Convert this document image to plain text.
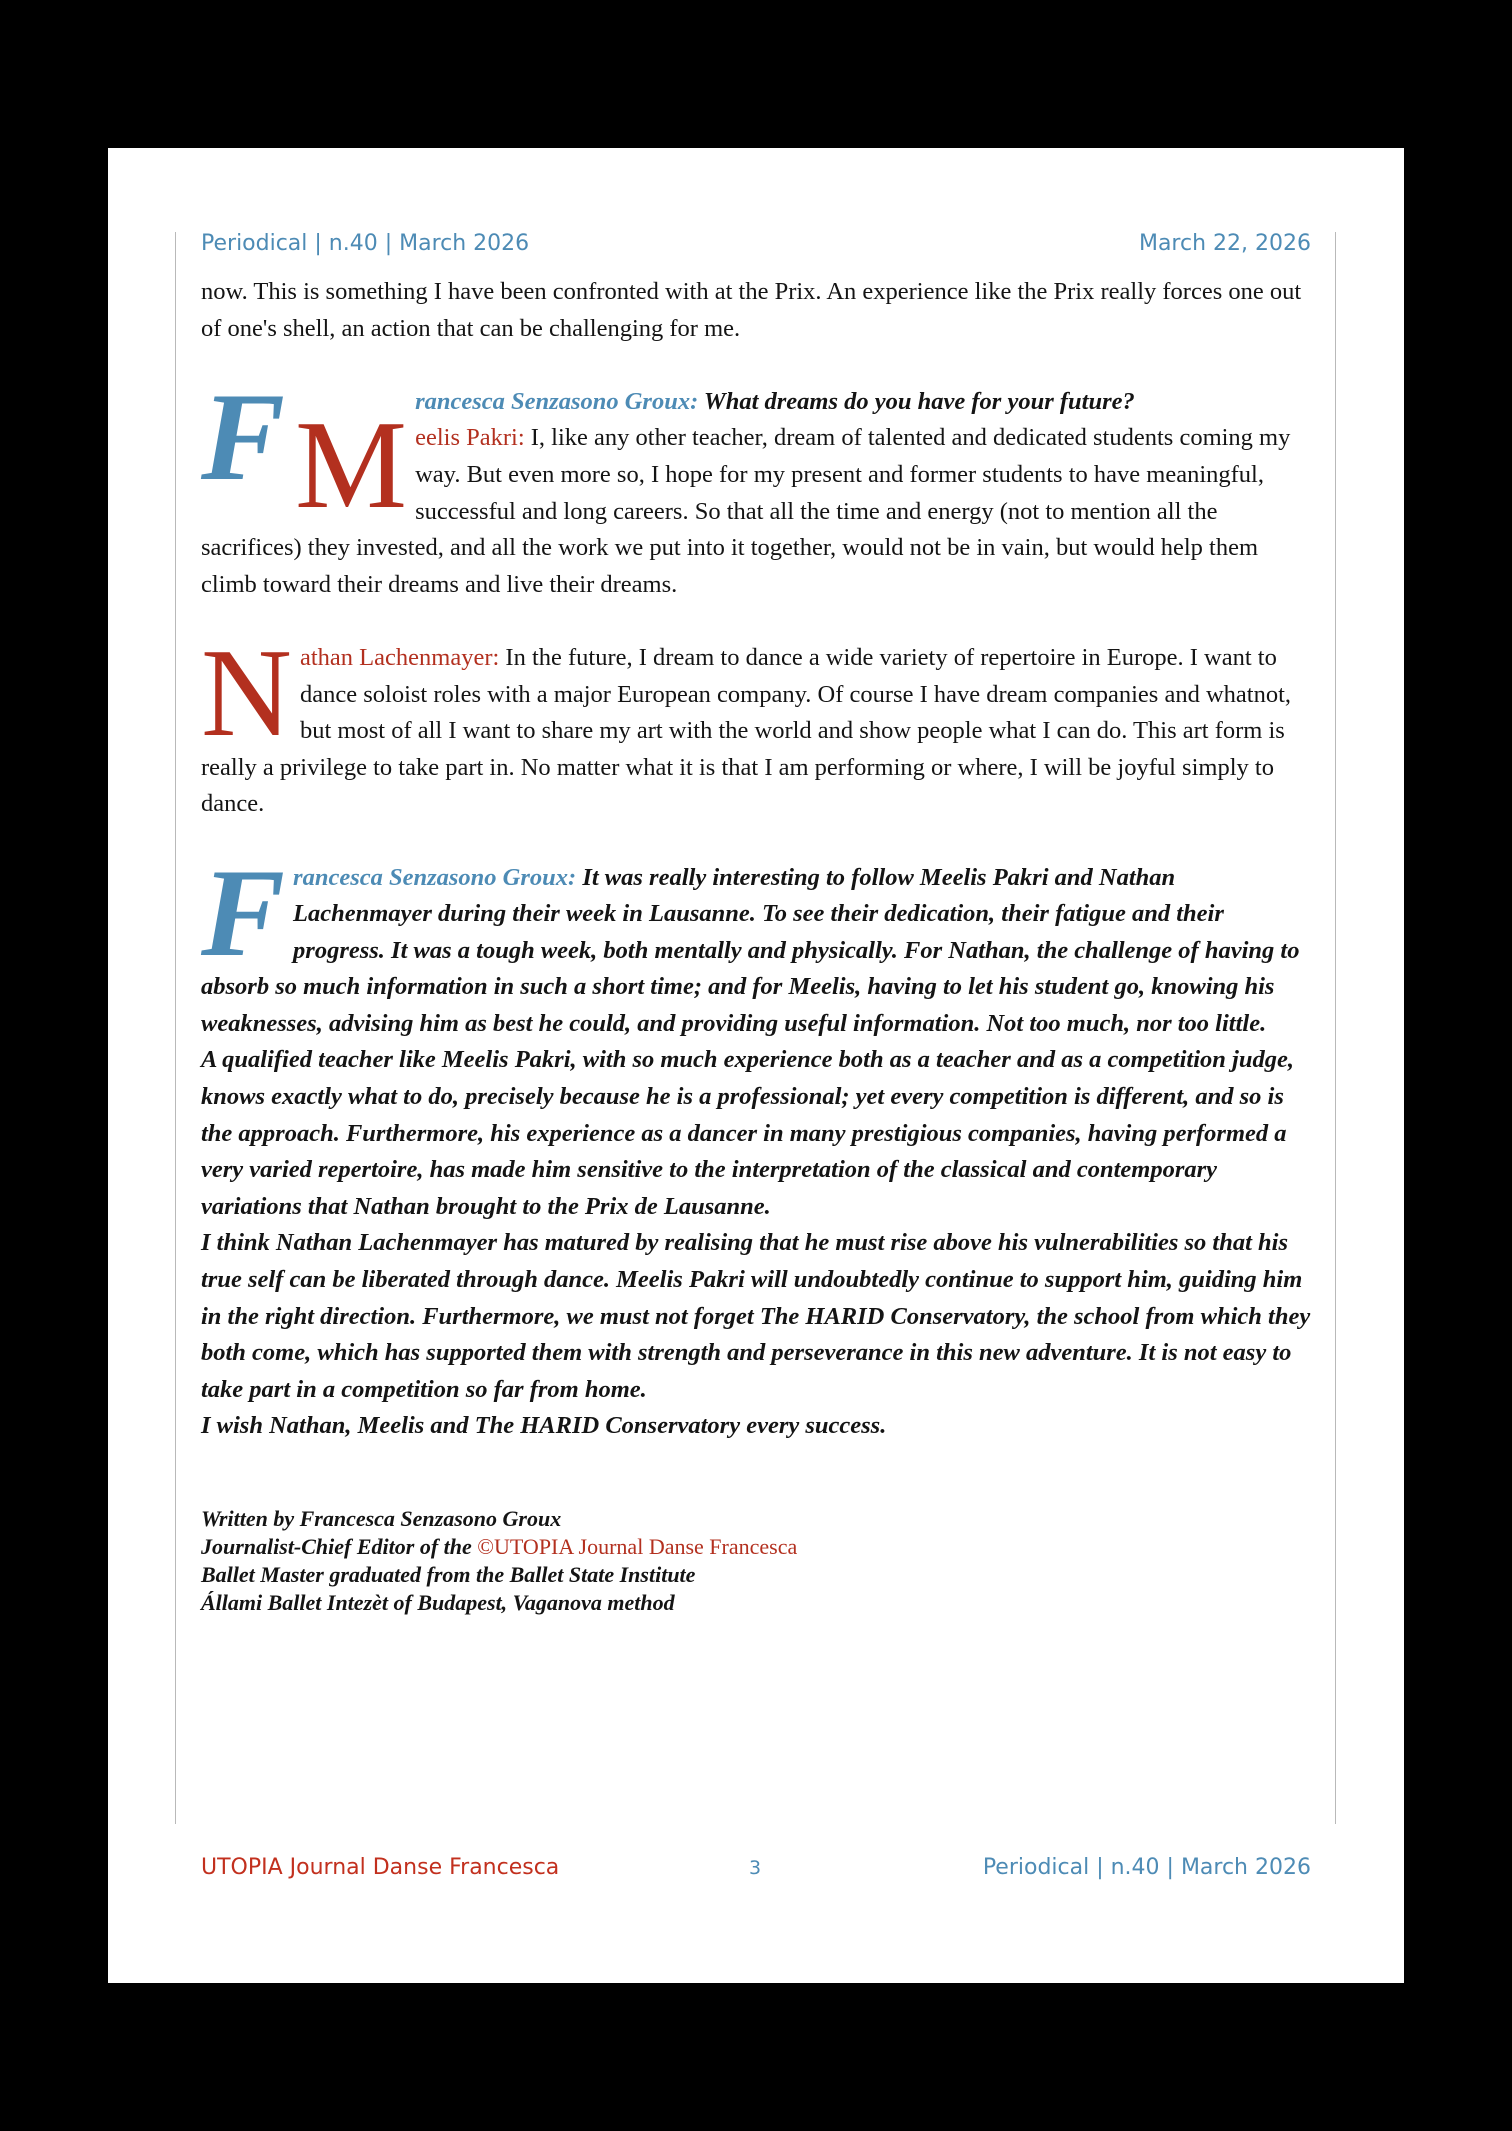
Periodical | n.40 | March 2026	March 22, 2026

now. This is something I have been confronted with at the Prix. An experience like the Prix really forces one out of one's shell, an action that can be challenging for me.

F M rancesca Senzasono Groux: What dreams do you have for your future?
eelis Pakri: I, like any other teacher, dream of talented and dedicated students coming my way. But even more so, I hope for my present and former students to have meaningful, successful and long careers. So that all the time and energy (not to mention all the sacrifices) they invested, and all the work we put into it together, would not be in vain, but would help them climb toward their dreams and live their dreams.
N athan Lachenmayer: In the future, I dream to dance a wide variety of repertoire in Europe. I want to dance soloist roles with a major European company. Of course I have dream companies and whatnot, but most of all I want to share my art with the world and show people what I can do. This art form is really a privilege to take part in. No matter what it is that I am performing or where, I will be joyful simply to dance.
F rancesca Senzasono Groux: It was really interesting to follow Meelis Pakri and Nathan Lachenmayer during their week in Lausanne. To see their dedication, their fatigue and their progress. It was a tough week, both mentally and physically. For Nathan, the challenge of having to absorb so much information in such a short time; and for Meelis, having to let his student go, knowing his weaknesses, advising him as best he could, and providing useful information. Not too much, nor too little.

A qualified teacher like Meelis Pakri, with so much experience both as a teacher and as a competition judge, knows exactly what to do, precisely because he is a professional; yet every competition is different, and so is the approach. Furthermore, his experience as a dancer in many prestigious companies, having performed a very varied repertoire, has made him sensitive to the interpretation of the classical and contemporary variations that Nathan brought to the Prix de Lausanne.

I think Nathan Lachenmayer has matured by realising that he must rise above his vulnerabilities so that his true self can be liberated through dance. Meelis Pakri will undoubtedly continue to support him, guiding him in the right direction. Furthermore, we must not forget The HARID Conservatory, the school from which they both come, which has supported them with strength and perseverance in this new adventure. It is not easy to take part in a competition so far from home.

I wish Nathan, Meelis and The HARID Conservatory every success.

Written by Francesca Senzasono Groux
Journalist-Chief Editor of the ©UTOPIA Journal Danse Francesca
Ballet Master graduated from the Ballet State Institute
Állami Ballet Intezèt of Budapest, Vaganova method
UTOPIA Journal Danse Francesca	3	Periodical | n.40 | March 2026
